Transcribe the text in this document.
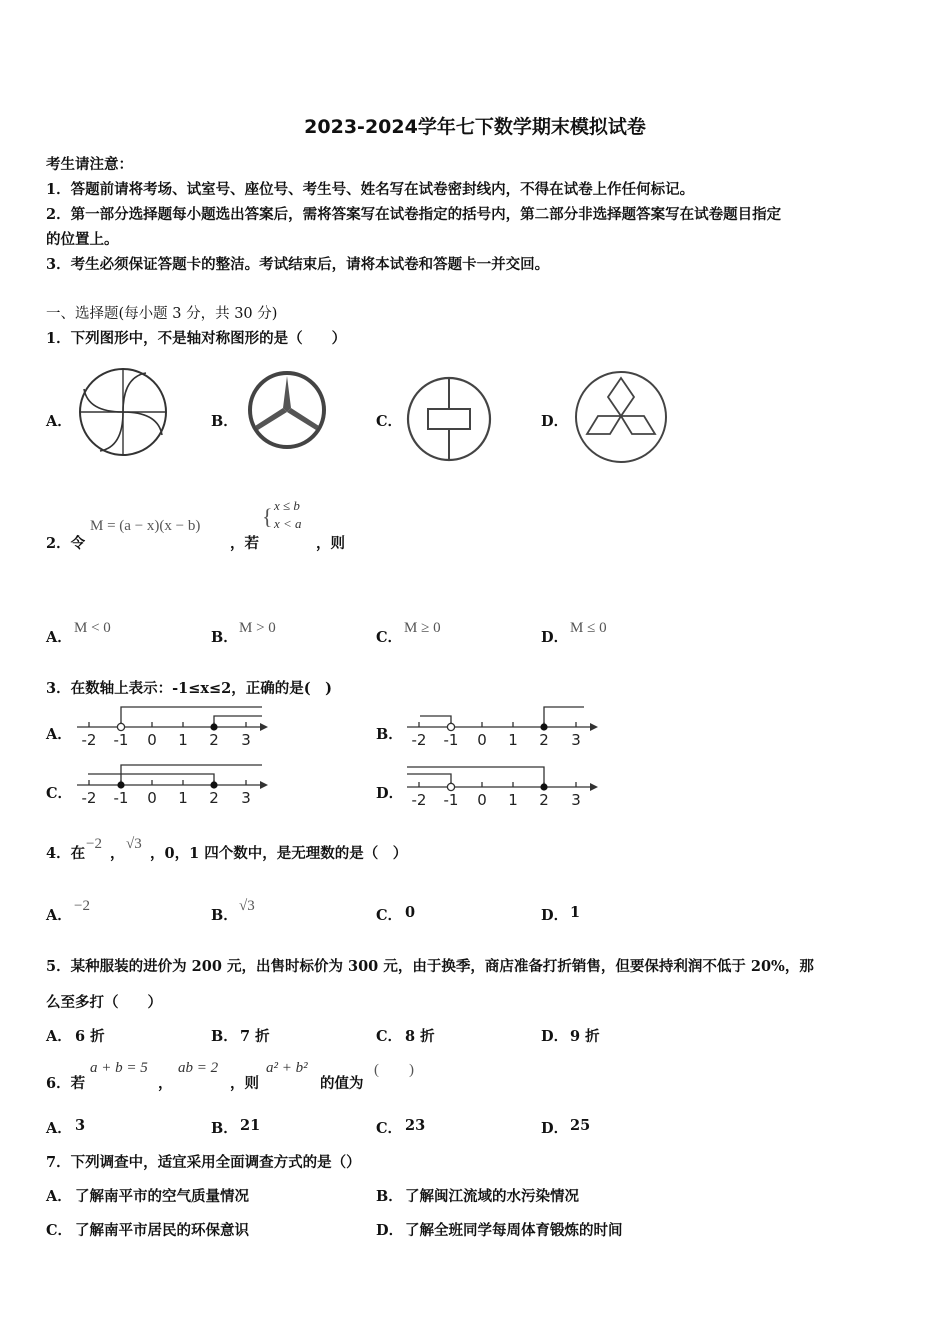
2023-2024学年七下数学期末模拟试卷
考生请注意：
1．答题前请将考场、试室号、座位号、考生号、姓名写在试卷密封线内，不得在试卷上作任何标记。
2．第一部分选择题每小题选出答案后，需将答案写在试卷指定的括号内，第二部分非选择题答案写在试卷题目指定
的位置上。
3．考生必须保证答题卡的整洁。考试结束后，请将本试卷和答题卡一并交回。
一、选择题(每小题 3 分，共 30 分)
1．下列图形中，不是轴对称图形的是（　　）
A．	B．	C．	D．
2．令
M = (a − x)(x − b)
，若
{ x ≤ b
x < a
，则
A．
M < 0
B．
M > 0
C．
M ≥ 0
D．
M ≤ 0
3．在数轴上表示：-1≤x≤2，正确的是(　)
A． -2 -1 0 1 2 3	B． -2 -1 0 1 2 3
C． -2 -1 0 1 2 3	D． -2 -1 0 1 2 3
4．在
−2
，
√3
，0，1 四个数中，是无理数的是（　）
A．
−2
B．
√3
C． 0	D． 1
5．某种服装的进价为 200 元，出售时标价为 300 元，由于换季，商店准备打折销售，但要保持利润不低于 20%，那
么至多打（　　）
A． 6 折	B． 7 折	C． 8 折	D． 9 折
6．若
a + b = 5
，
ab = 2
，则
a² + b²
的值为
(　　)
A． 3	B． 21	C． 23	D． 25
7．下列调查中，适宜采用全面调查方式的是（）
A． 了解南平市的空气质量情况	B． 了解闽江流域的水污染情况
C． 了解南平市居民的环保意识	D． 了解全班同学每周体育锻炼的时间
